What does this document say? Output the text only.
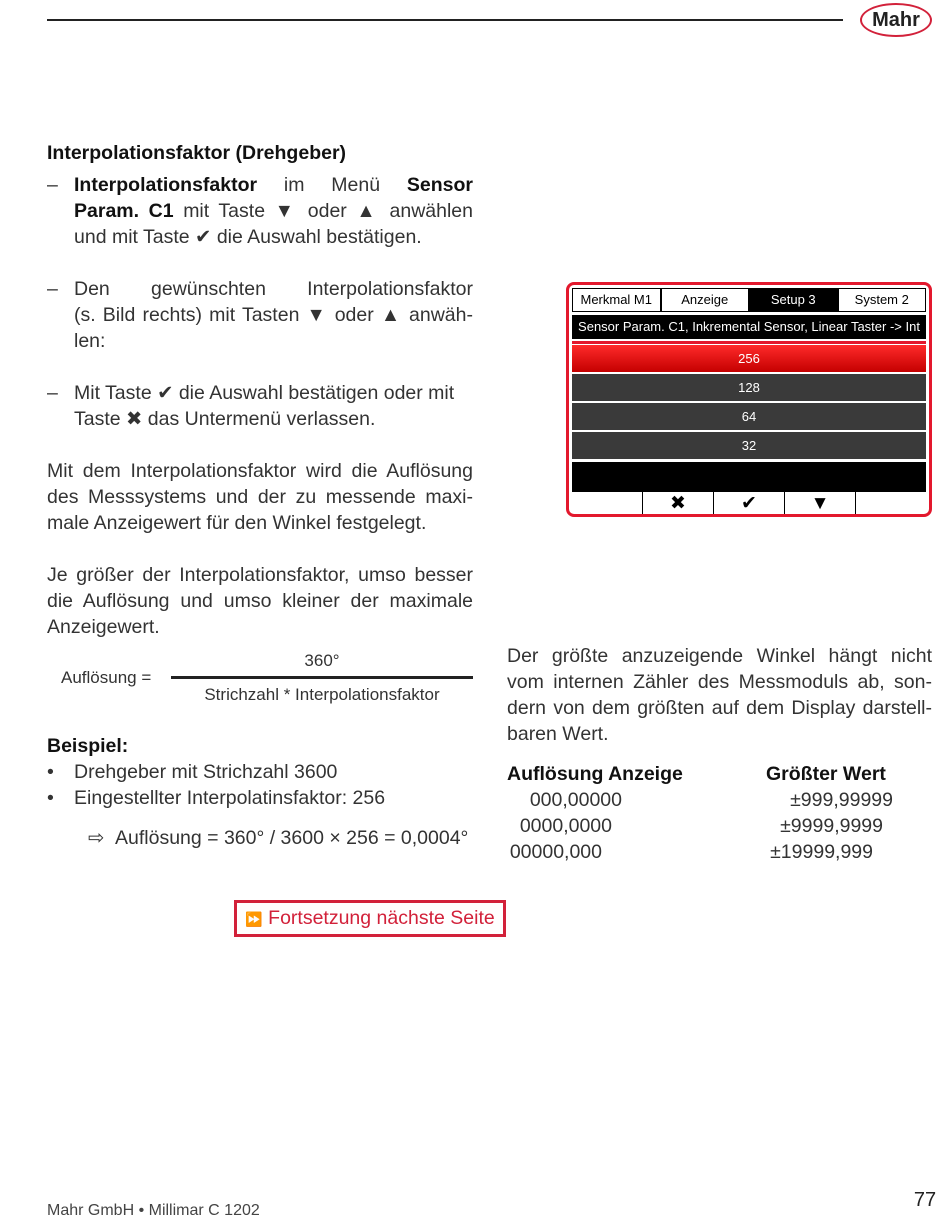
Mahr
Interpolationsfaktor (Drehgeber)
– Interpolationsfaktor im Menü Sensor
Param. C1 mit Taste ▼ oder ▲ anwählen
und mit Taste ✔ die Auswahl bestätigen.
– Den gewünschten Interpolationsfaktor
(s. Bild rechts) mit Tasten ▼ oder ▲ anwäh-
len:
– Mit Taste ✔ die Auswahl bestätigen oder mit
Taste ✖ das Untermenü verlassen.
Mit dem Interpolationsfaktor wird die Auflösung
des Messsystems und der zu messende maxi-
male Anzeigewert für den Winkel festgelegt.
Je größer der Interpolationsfaktor, umso besser
die Auflösung und umso kleiner der maximale
Anzeigewert.
Auflösung =
360°
Strichzahl * Interpolationsfaktor
Beispiel:
• Drehgeber mit Strichzahl 3600
• Eingestellter Interpolatinsfaktor: 256
⇨ Auflösung = 360° / 3600 × 256 = 0,0004°
⏩ Fortsetzung nächste Seite
Merkmal M1	Anzeige	Setup 3	System 2
Sensor Param. C1, Inkremental Sensor, Linear Taster -> Int
256
128
64
32
✖	✔	▼
Der größte anzuzeigende Winkel hängt nicht
vom internen Zähler des Messmoduls ab, son-
dern von dem größten auf dem Display darstell-
baren Wert.
Auflösung Anzeige	Größter Wert
000,00000	±999,99999
0000,0000	±9999,9999
00000,000	±19999,999
Mahr GmbH • Millimar C 1202	77
